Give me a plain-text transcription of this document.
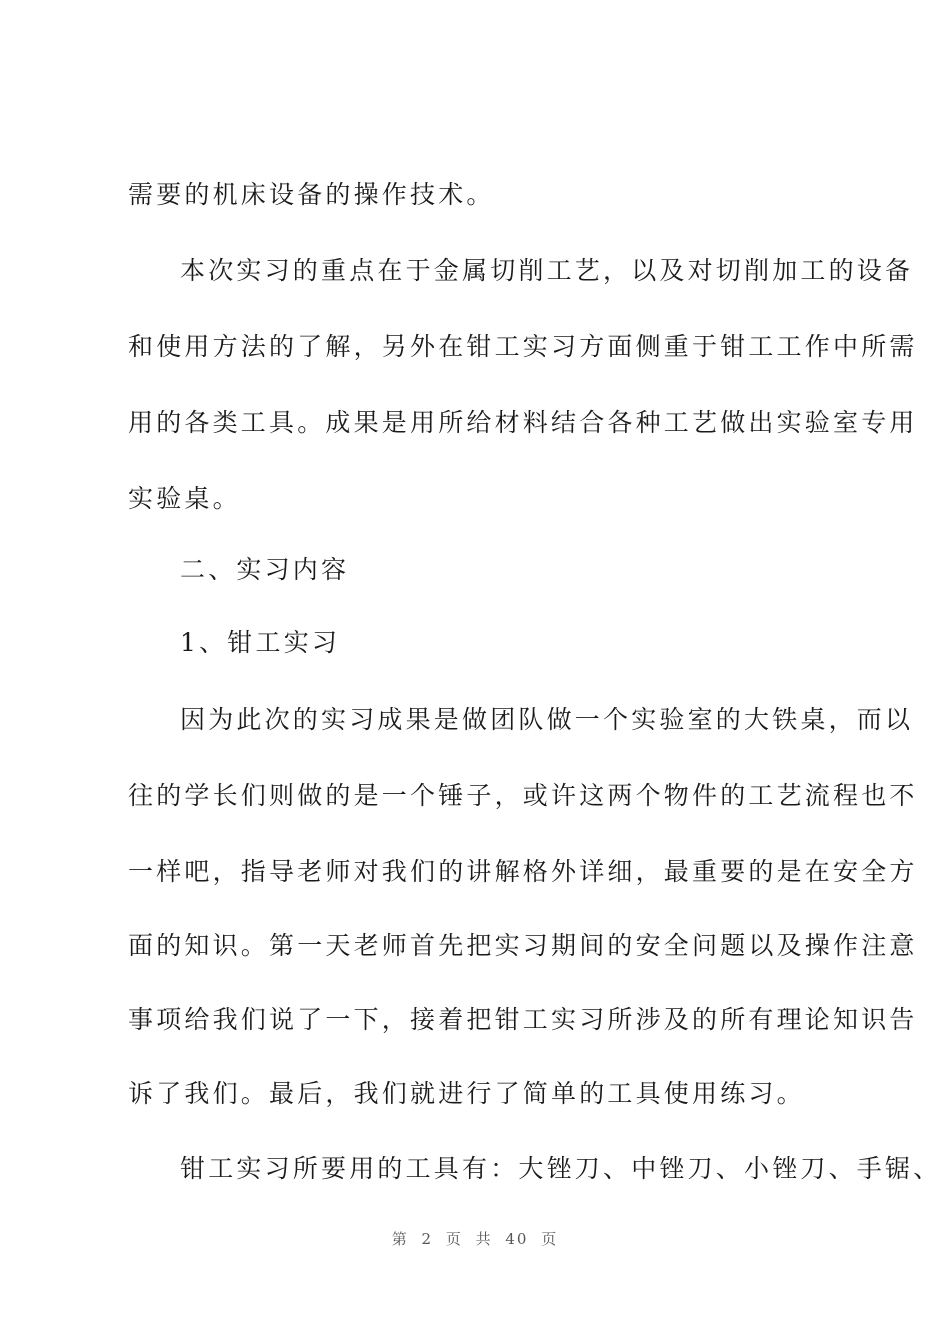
需要的机床设备的操作技术。
本次实习的重点在于金属切削工艺，以及对切削加工的设备
和使用方法的了解，另外在钳工实习方面侧重于钳工工作中所需
用的各类工具。成果是用所给材料结合各种工艺做出实验室专用
实验桌。
二、实习内容
1、钳工实习
因为此次的实习成果是做团队做一个实验室的大铁桌，而以
往的学长们则做的是一个锤子，或许这两个物件的工艺流程也不
一样吧，指导老师对我们的讲解格外详细，最重要的是在安全方
面的知识。第一天老师首先把实习期间的安全问题以及操作注意
事项给我们说了一下，接着把钳工实习所涉及的所有理论知识告
诉了我们。最后，我们就进行了简单的工具使用练习。
钳工实习所要用的工具有：大锉刀、中锉刀、小锉刀、手锯、
第 2 页 共 40 页
